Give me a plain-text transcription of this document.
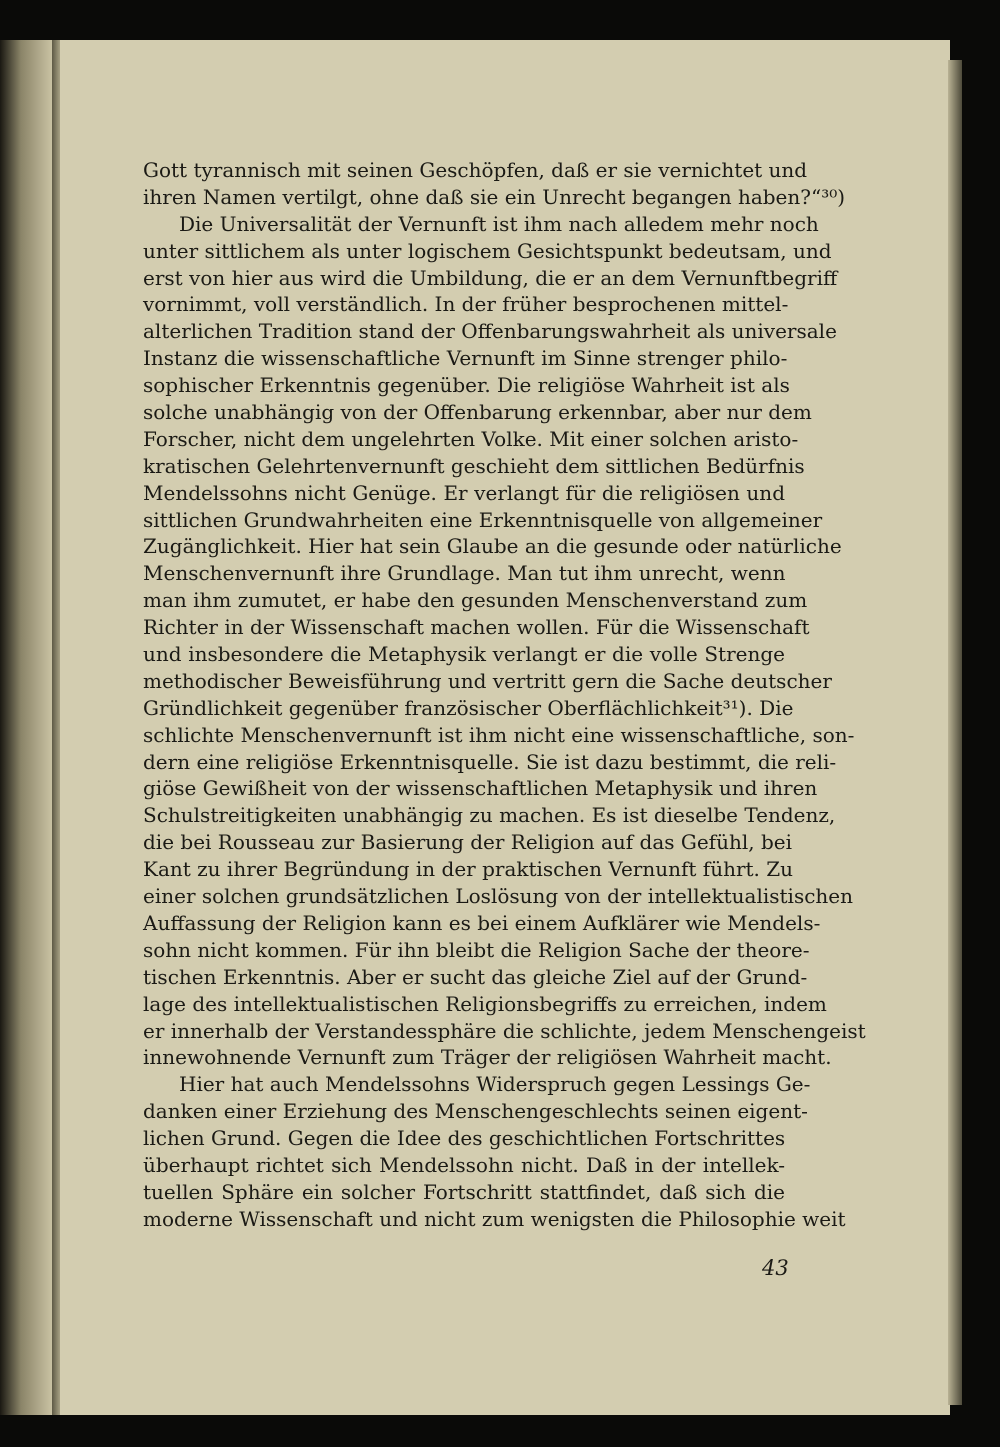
Gott tyrannisch mit seinen Geschöpfen, daß er sie vernichtet und
ihren Namen vertilgt, ohne daß sie ein Unrecht begangen haben?“³⁰)
Die Universalität der Vernunft ist ihm nach alledem mehr noch
unter sittlichem als unter logischem Gesichtspunkt bedeutsam, und
erst von hier aus wird die Umbildung, die er an dem Vernunftbegriff
vornimmt, voll verständlich. In der früher besprochenen mittel-
alterlichen Tradition stand der Offenbarungswahrheit als universale
Instanz die wissenschaftliche Vernunft im Sinne strenger philo-
sophischer Erkenntnis gegenüber. Die religiöse Wahrheit ist als
solche unabhängig von der Offenbarung erkennbar, aber nur dem
Forscher, nicht dem ungelehrten Volke. Mit einer solchen aristo-
kratischen Gelehrtenvernunft geschieht dem sittlichen Bedürfnis
Mendelssohns nicht Genüge. Er verlangt für die religiösen und
sittlichen Grundwahrheiten eine Erkenntnisquelle von allgemeiner
Zugänglichkeit. Hier hat sein Glaube an die gesunde oder natürliche
Menschenvernunft ihre Grundlage. Man tut ihm unrecht, wenn
man ihm zumutet, er habe den gesunden Menschenverstand zum
Richter in der Wissenschaft machen wollen. Für die Wissenschaft
und insbesondere die Metaphysik verlangt er die volle Strenge
methodischer Beweisführung und vertritt gern die Sache deutscher
Gründlichkeit gegenüber französischer Oberflächlichkeit³¹). Die
schlichte Menschenvernunft ist ihm nicht eine wissenschaftliche, son-
dern eine religiöse Erkenntnisquelle. Sie ist dazu bestimmt, die reli-
giöse Gewißheit von der wissenschaftlichen Metaphysik und ihren
Schulstreitigkeiten unabhängig zu machen. Es ist dieselbe Tendenz,
die bei Rousseau zur Basierung der Religion auf das Gefühl, bei
Kant zu ihrer Begründung in der praktischen Vernunft führt. Zu
einer solchen grundsätzlichen Loslösung von der intellektualistischen
Auffassung der Religion kann es bei einem Aufklärer wie Mendels-
sohn nicht kommen. Für ihn bleibt die Religion Sache der theore-
tischen Erkenntnis. Aber er sucht das gleiche Ziel auf der Grund-
lage des intellektualistischen Religionsbegriffs zu erreichen, indem
er innerhalb der Verstandessphäre die schlichte, jedem Menschengeist
innewohnende Vernunft zum Träger der religiösen Wahrheit macht.
Hier hat auch Mendelssohns Widerspruch gegen Lessings Ge-
danken einer Erziehung des Menschengeschlechts seinen eigent-
lichen Grund. Gegen die Idee des geschichtlichen Fortschrittes
überhaupt richtet sich Mendelssohn nicht. Daß in der intellek-
tuellen Sphäre ein solcher Fortschritt stattfindet, daß sich die
moderne Wissenschaft und nicht zum wenigsten die Philosophie weit
43
